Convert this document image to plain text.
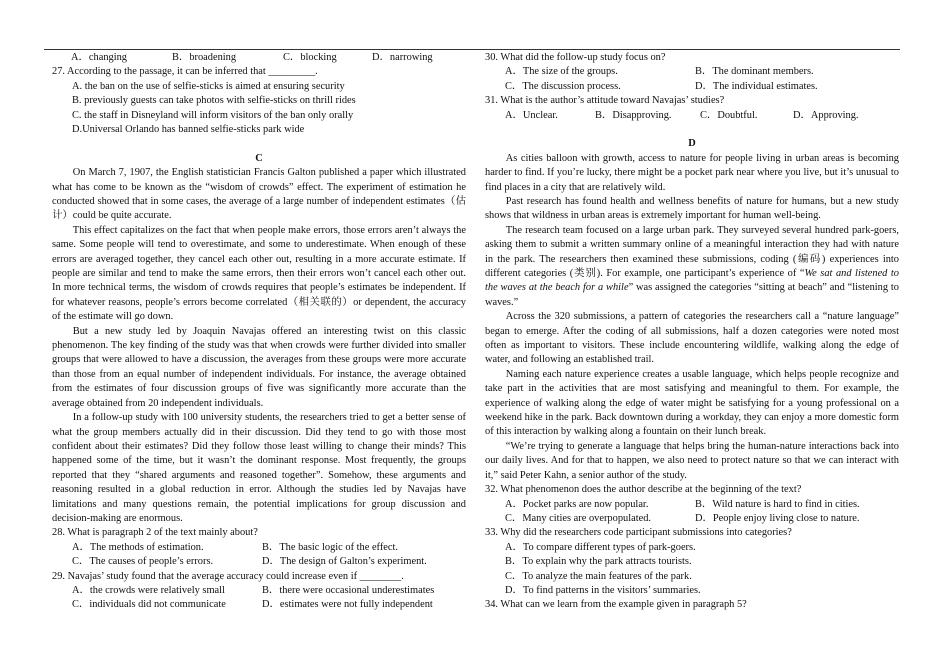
A．changing	B．broadening	C．blocking	D．narrowing
27. According to the passage, it can be inferred that _________.
A. the ban on the use of selfie-sticks is aimed at ensuring security
B. previously guests can take photos with selfie-sticks on thrill rides
C. the staff in Disneyland will inform visitors of the ban only orally
D.Universal Orlando has banned selfie-sticks park wide
C

On March 7, 1907, the English statistician Francis Galton published a paper which illustrated what has come to be known as the “wisdom of crowds” effect. The experiment of estimation he conducted showed that in some cases, the average of a large number of independent estimates（估计）could be quite accurate.

This effect capitalizes on the fact that when people make errors, those errors aren’t always the same. Some people will tend to overestimate, and some to underestimate. When enough of these errors are averaged together, they cancel each other out, resulting in a more accurate estimate. If people are similar and tend to make the same errors, then their errors won’t cancel each other out. In more technical terms, the wisdom of crowds requires that people’s estimates be independent. If for whatever reasons, people’s errors become correlated（相关联的）or dependent, the accuracy of the estimate will go down.

But a new study led by Joaquin Navajas offered an interesting twist on this classic phenomenon. The key finding of the study was that when crowds were further divided into smaller groups that were allowed to have a discussion, the averages from these groups were more accurate than those from an equal number of independent individuals. For instance, the average obtained from the estimates of four discussion groups of five was significantly more accurate than the average obtained from 20 independent individuals.

In a follow-up study with 100 university students, the researchers tried to get a better sense of what the group members actually did in their discussion. Did they tend to go with those most confident about their estimates? Did they follow those least willing to change their minds? This happened some of the time, but it wasn’t the dominant response. Most frequently, the groups reported that they “shared arguments and reasoned together”. Somehow, these arguments and reasoning resulted in a global reduction in error. Although the studies led by Navajas have limitations and many questions remain, the potential implications for group discussion and decision-making are enormous.

28. What is paragraph 2 of the text mainly about?
A．The methods of estimation.	B．The basic logic of the effect.
C．The causes of people’s errors.	D．The design of Galton’s experiment.
29. Navajas’ study found that the average accuracy could increase even if ________.
A．the crowds were relatively small	B．there were occasional underestimates
C．individuals did not communicate	D．estimates were not fully independent
30. What did the follow-up study focus on?
A．The size of the groups.	B．The dominant members.
C．The discussion process.	D．The individual estimates.
31. What is the author’s attitude toward Navajas’ studies?
A．Unclear.	B．Disapproving.	C．Doubtful.	D．Approving.
D

As cities balloon with growth, access to nature for people living in urban areas is becoming harder to find. If you’re lucky, there might be a pocket park near where you live, but it’s unusual to find places in a city that are relatively wild.

Past research has found health and wellness benefits of nature for humans, but a new study shows that wildness in urban areas is extremely important for human well-being.

The research team focused on a large urban park. They surveyed several hundred park-goers, asking them to submit a written summary online of a meaningful interaction they had with nature in the park. The researchers then examined these submissions, coding (编码) experiences into different categories (类别). For example, one participant’s experience of “We sat and listened to the waves at the beach for a while” was assigned the categories “sitting at beach” and “listening to waves.”

Across the 320 submissions, a pattern of categories the researchers call a “nature language” began to emerge. After the coding of all submissions, half a dozen categories were noted most often as important to visitors. These include encountering wildlife, walking along the edge of water, and following an established trail.

Naming each nature experience creates a usable language, which helps people recognize and take part in the activities that are most satisfying and meaningful to them. For example, the experience of walking along the edge of water might be satisfying for a young professional on a weekend hike in the park. Back downtown during a workday, they can enjoy a more domestic form of this interaction by walking along a fountain on their lunch break.

“We’re trying to generate a language that helps bring the human-nature interactions back into our daily lives. And for that to happen, we also need to protect nature so that we can interact with it,” said Peter Kahn, a senior author of the study.

32. What phenomenon does the author describe at the beginning of the text?
A．Pocket parks are now popular.	B．Wild nature is hard to find in cities.
C．Many cities are overpopulated.	D．People enjoy living close to nature.
33. Why did the researchers code participant submissions into categories?
A．To compare different types of park-goers.
B．To explain why the park attracts tourists.
C．To analyze the main features of the park.
D．To find patterns in the visitors’ summaries.
34. What can we learn from the example given in paragraph 5?
